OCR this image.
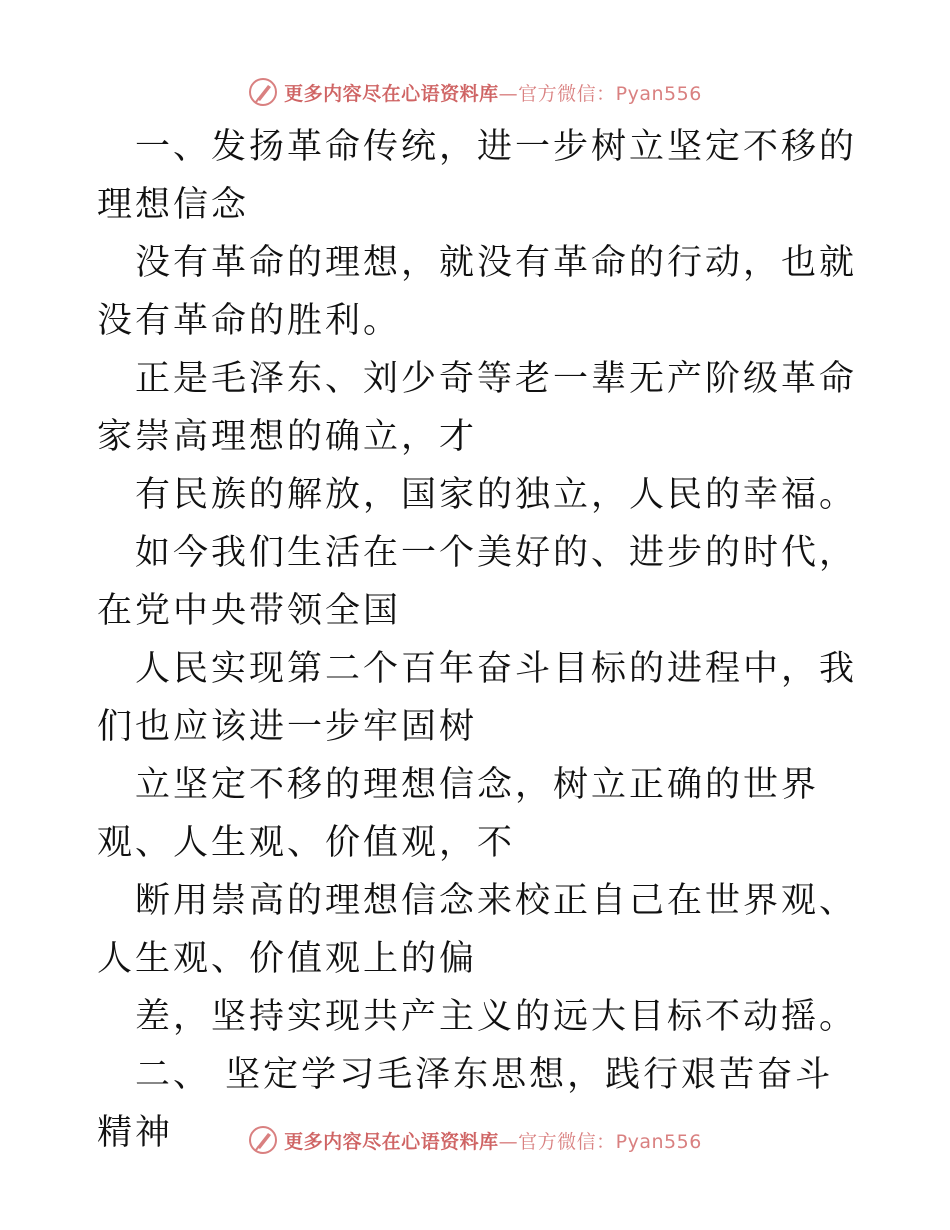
更多内容尽在心语资料库—官方微信：Pyan556

一、发扬革命传统，进一步树立坚定不移的理想信念

没有革命的理想，就没有革命的行动，也就没有革命的胜利。

正是毛泽东、刘少奇等老一辈无产阶级革命家崇高理想的确立，才

有民族的解放，国家的独立，人民的幸福。

如今我们生活在一个美好的、进步的时代，在党中央带领全国

人民实现第二个百年奋斗目标的进程中，我们也应该进一步牢固树

立坚定不移的理想信念，树立正确的世界观、人生观、价值观，不

断用崇高的理想信念来校正自己在世界观、人生观、价值观上的偏

差，坚持实现共产主义的远大目标不动摇。

二、 坚定学习毛泽东思想，践行艰苦奋斗精神	更多内容尽在心语资料库—官方微信：Pyan556
